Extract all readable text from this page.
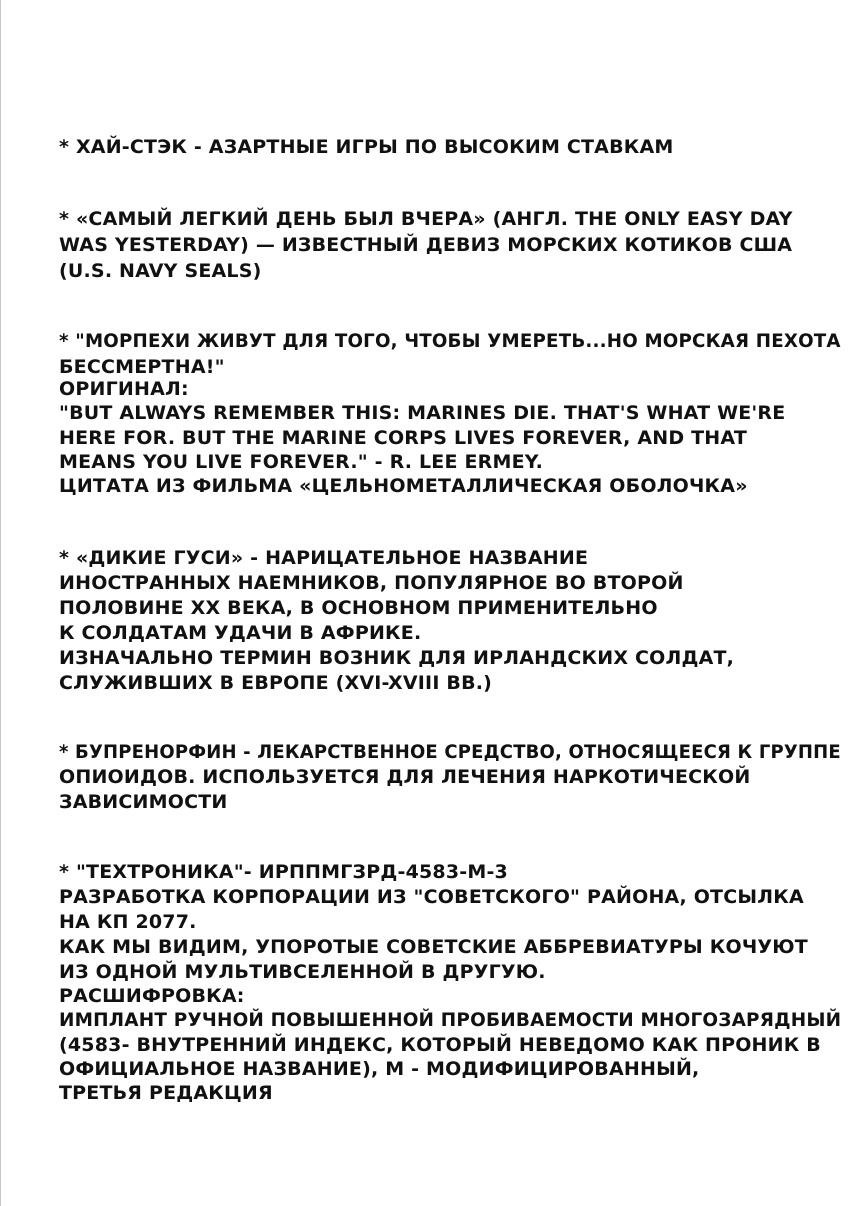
* ХАЙ-СТЭК - АЗАРТНЫЕ ИГРЫ ПО ВЫСОКИМ СТАВКАМ
* «САМЫЙ ЛЕГКИЙ ДЕНЬ БЫЛ ВЧЕРА» (АНГЛ. THE ONLY EASY DAY
WAS YESTERDAY) — ИЗВЕСТНЫЙ ДЕВИЗ МОРСКИХ КОТИКОВ США
(U.S. NAVY SEALS)
* "МОРПЕХИ ЖИВУТ ДЛЯ ТОГО, ЧТОБЫ УМЕРЕТЬ...НО МОРСКАЯ ПЕХОТА
БЕССМЕРТНА!"
ОРИГИНАЛ:
"BUT ALWAYS REMEMBER THIS: MARINES DIE. THAT'S WHAT WE'RE
HERE FOR. BUT THE MARINE CORPS LIVES FOREVER, AND THAT
MEANS YOU LIVE FOREVER." - R. LEE ERMEY.
ЦИТАТА ИЗ ФИЛЬМА «ЦЕЛЬНОМЕТАЛЛИЧЕСКАЯ ОБОЛОЧКА»
* «ДИКИЕ ГУСИ» - НАРИЦАТЕЛЬНОЕ НАЗВАНИЕ
ИНОСТРАННЫХ НАЕМНИКОВ, ПОПУЛЯРНОЕ ВО ВТОРОЙ
ПОЛОВИНЕ XX ВЕКА, В ОСНОВНОМ ПРИМЕНИТЕЛЬНО
К СОЛДАТАМ УДАЧИ В АФРИКЕ.
ИЗНАЧАЛЬНО ТЕРМИН ВОЗНИК ДЛЯ ИРЛАНДСКИХ СОЛДАТ,
СЛУЖИВШИХ В ЕВРОПЕ (XVI-XVIII ВВ.)
* БУПРЕНОРФИН - ЛЕКАРСТВЕННОЕ СРЕДСТВО, ОТНОСЯЩЕЕСЯ К ГРУППЕ
ОПИОИДОВ. ИСПОЛЬЗУЕТСЯ ДЛЯ ЛЕЧЕНИЯ НАРКОТИЧЕСКОЙ
ЗАВИСИМОСТИ
* "ТЕХТРОНИКА"- ИРППМГЗРД-4583-М-3
РАЗРАБОТКА КОРПОРАЦИИ ИЗ "СОВЕТСКОГО" РАЙОНА, ОТСЫЛКА
НА КП 2077.
КАК МЫ ВИДИМ, УПОРОТЫЕ СОВЕТСКИЕ АББРЕВИАТУРЫ КОЧУЮТ
ИЗ ОДНОЙ МУЛЬТИВСЕЛЕННОЙ В ДРУГУЮ.
РАСШИФРОВКА:
ИМПЛАНТ РУЧНОЙ ПОВЫШЕННОЙ ПРОБИВАЕМОСТИ МНОГОЗАРЯДНЫЙ
(4583- ВНУТРЕННИЙ ИНДЕКС, КОТОРЫЙ НЕВЕДОМО КАК ПРОНИК В
ОФИЦИАЛЬНОЕ НАЗВАНИЕ), М - МОДИФИЦИРОВАННЫЙ,
ТРЕТЬЯ РЕДАКЦИЯ
